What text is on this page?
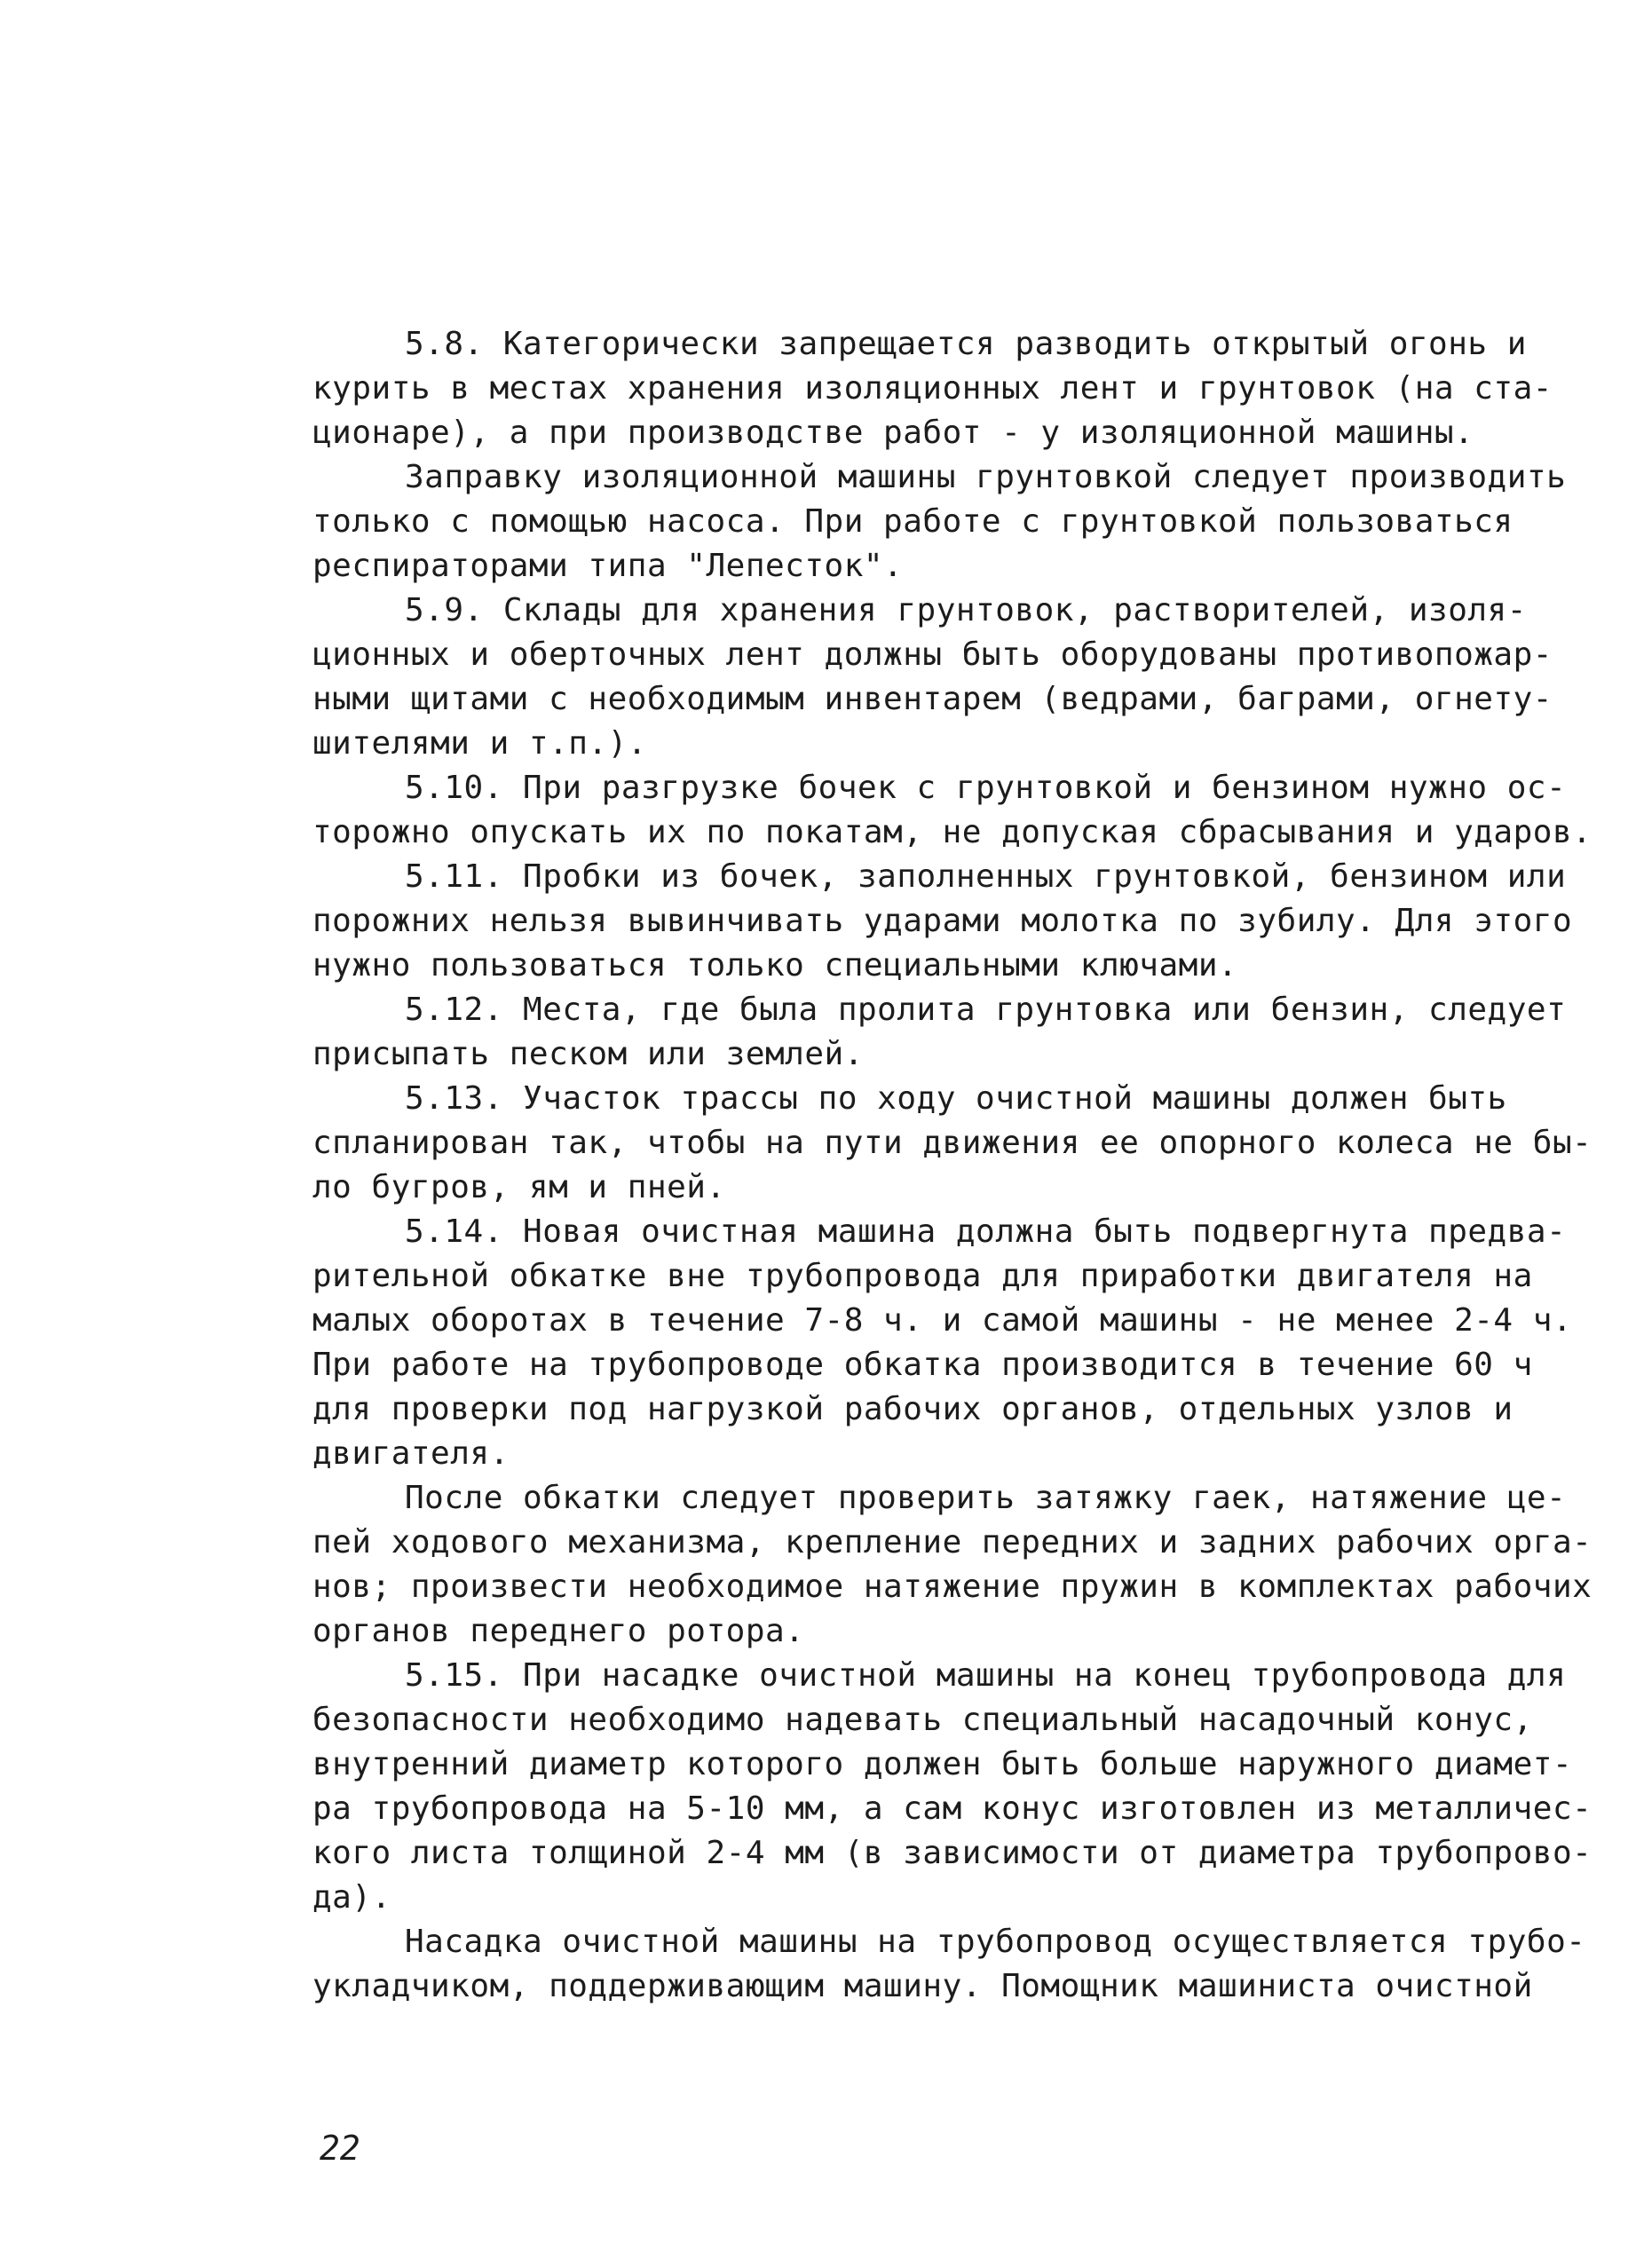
5.8. Категорически запрещается разводить открытый огонь и
курить в местах хранения изоляционных лент и грунтовок (на ста-
ционаре), а при производстве работ - у изоляционной машины.
Заправку изоляционной машины грунтовкой следует производить
только с помощью насоса. При работе с грунтовкой пользоваться
респираторами типа "Лепесток".
5.9. Склады для хранения грунтовок, растворителей, изоля-
ционных и оберточных лент должны быть оборудованы противопожар-
ными щитами с необходимым инвентарем (ведрами, баграми, огнету-
шителями и т.п.).
5.10. При разгрузке бочек с грунтовкой и бензином нужно ос-
торожно опускать их по покатам, не допуская сбрасывания и ударов.
5.11. Пробки из бочек, заполненных грунтовкой, бензином или
порожних нельзя вывинчивать ударами молотка по зубилу. Для этого
нужно пользоваться только специальными ключами.
5.12. Места, где была пролита грунтовка или бензин, следует
присыпать песком или землей.
5.13. Участок трассы по ходу очистной машины должен быть
спланирован так, чтобы на пути движения ее опорного колеса не бы-
ло бугров, ям и пней.
5.14. Новая очистная машина должна быть подвергнута предва-
рительной обкатке вне трубопровода для приработки двигателя на
малых оборотах в течение 7-8 ч. и самой машины - не менее 2-4 ч.
При работе на трубопроводе обкатка производится в течение 60 ч
для проверки под нагрузкой рабочих органов, отдельных узлов и
двигателя.
После обкатки следует проверить затяжку гаек, натяжение це-
пей ходового механизма, крепление передних и задних рабочих орга-
нов; произвести необходимое натяжение пружин в комплектах рабочих
органов переднего ротора.
5.15. При насадке очистной машины на конец трубопровода для
безопасности необходимо надевать специальный насадочный конус,
внутренний диаметр которого должен быть больше наружного диамет-
ра трубопровода на 5-10 мм, а сам конус изготовлен из металличес-
кого листа толщиной 2-4 мм (в зависимости от диаметра трубопрово-
да).
Насадка очистной машины на трубопровод осуществляется трубо-
укладчиком, поддерживающим машину. Помощник машиниста очистной
22
